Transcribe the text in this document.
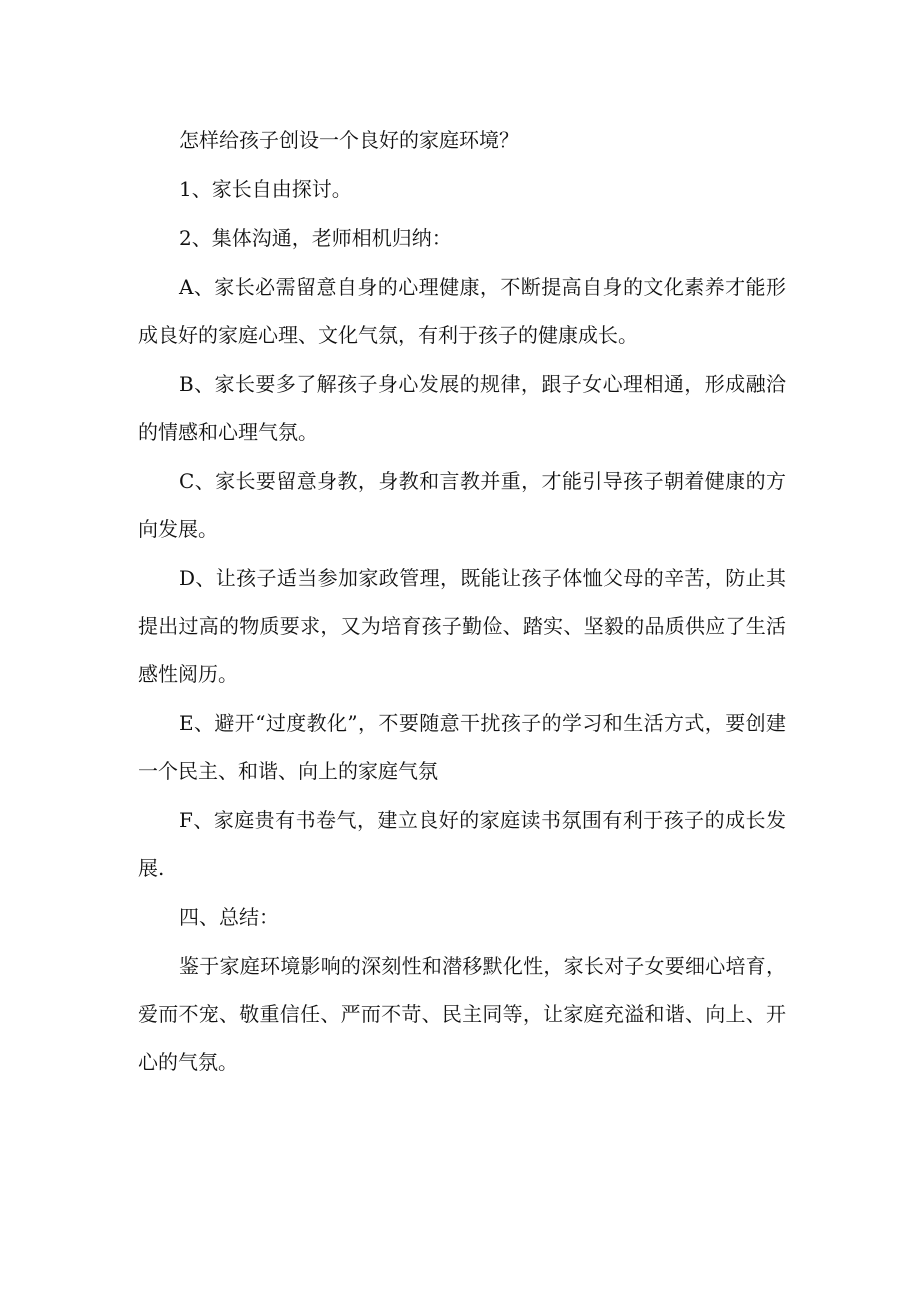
怎样给孩子创设一个良好的家庭环境？

1、家长自由探讨。

2、集体沟通，老师相机归纳：

A、家长必需留意自身的心理健康，不断提高自身的文化素养才能形成良好的家庭心理、文化气氛，有利于孩子的健康成长。

B、家长要多了解孩子身心发展的规律，跟子女心理相通，形成融洽的情感和心理气氛。

C、家长要留意身教，身教和言教并重，才能引导孩子朝着健康的方向发展。

D、让孩子适当参加家政管理，既能让孩子体恤父母的辛苦，防止其提出过高的物质要求，又为培育孩子勤俭、踏实、坚毅的品质供应了生活感性阅历。

E、避开“过度教化”，不要随意干扰孩子的学习和生活方式，要创建一个民主、和谐、向上的家庭气氛

F、家庭贵有书卷气，建立良好的家庭读书氛围有利于孩子的成长发展.

四、总结：

鉴于家庭环境影响的深刻性和潜移默化性，家长对子女要细心培育，爱而不宠、敬重信任、严而不苛、民主同等，让家庭充溢和谐、向上、开心的气氛。
